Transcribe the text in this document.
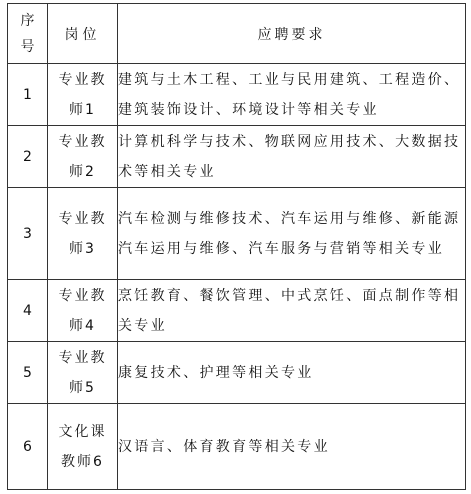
序号	岗位	应聘要求
1	专业教师1	建筑与土木工程、工业与民用建筑、工程造价、建筑装饰设计、环境设计等相关专业
2	专业教师2	计算机科学与技术、物联网应用技术、大数据技术等相关专业
3	专业教师3	汽车检测与维修技术、汽车运用与维修、新能源汽车运用与维修、汽车服务与营销等相关专业
4	专业教师4	烹饪教育、餐饮管理、中式烹饪、面点制作等相关专业
5	专业教师5	康复技术、护理等相关专业
6	文化课教师6	汉语言、体育教育等相关专业
